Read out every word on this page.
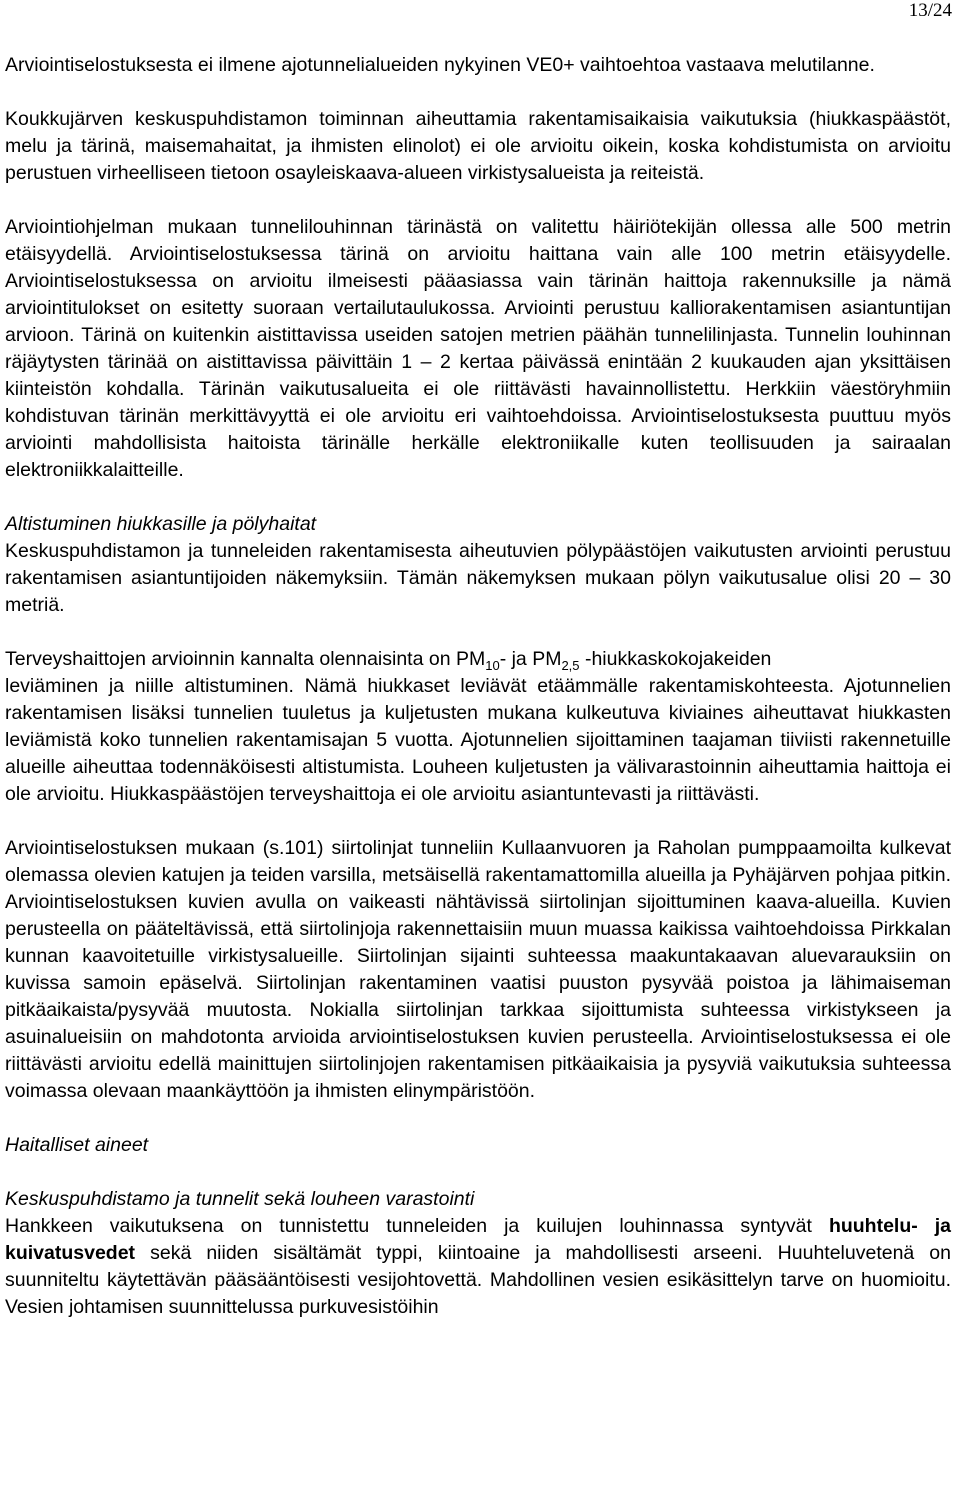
13/24

Arviointiselostuksesta ei ilmene ajotunnelialueiden nykyinen VE0+ vaihtoehtoa vastaava melutilanne.

Koukkujärven keskuspuhdistamon toiminnan aiheuttamia rakentamisaikaisia vaikutuksia (hiukkaspäästöt, melu ja tärinä, maisemahaitat, ja ihmisten elinolot) ei ole arvioitu oikein, koska kohdistumista on arvioitu perustuen virheelliseen tietoon osayleiskaava-alueen virkistysalueista ja reiteistä.

Arviointiohjelman mukaan tunnelilouhinnan tärinästä on valitettu häiriötekijän ollessa alle 500 metrin etäisyydellä. Arviointiselostuksessa tärinä on arvioitu haittana vain alle 100 metrin etäisyydelle. Arviointiselostuksessa on arvioitu ilmeisesti pääasiassa vain tärinän haittoja rakennuksille ja nämä arviointitulokset on esitetty suoraan vertailutaulukossa. Arviointi perustuu kalliorakentamisen asiantuntijan arvioon. Tärinä on kuitenkin aistittavissa useiden satojen metrien päähän tunnelilinjasta. Tunnelin louhinnan räjäytysten tärinää on aistittavissa päivittäin 1 – 2 kertaa päivässä enintään 2 kuukauden ajan yksittäisen kiinteistön kohdalla. Tärinän vaikutusalueita ei ole riittävästi havainnollistettu. Herkkiin väestöryhmiin kohdistuvan tärinän merkittävyyttä ei ole arvioitu eri vaihtoehdoissa. Arviointiselostuksesta puuttuu myös arviointi mahdollisista haitoista tärinälle herkälle elektroniikalle kuten teollisuuden ja sairaalan elektroniikkalaitteille.

Altistuminen hiukkasille ja pölyhaitat

Keskuspuhdistamon ja tunneleiden rakentamisesta aiheutuvien pölypäästöjen vaikutusten arviointi perustuu rakentamisen asiantuntijoiden näkemyksiin. Tämän näkemyksen mukaan pölyn vaikutusalue olisi 20 – 30 metriä.

Terveyshaittojen arvioinnin kannalta olennaisinta on $PM_{10}-$ ja $PM_{2,5}$ -hiukkaskokojakeiden

leviäminen ja niille altistuminen. Nämä hiukkaset leviävät etäämmälle rakentamiskohteesta. Ajotunnelien rakentamisen lisäksi tunnelien tuuletus ja kuljetusten mukana kulkeutuva kiviaines aiheuttavat hiukkasten leviämistä koko tunnelien rakentamisajan 5 vuotta. Ajotunnelien sijoittaminen taajaman tiiviisti rakennetuille alueille aiheuttaa todennäköisesti altistumista. Louheen kuljetusten ja välivarastoinnin aiheuttamia haittoja ei ole arvioitu. Hiukkaspäästöjen terveyshaittoja ei ole arvioitu asiantuntevasti ja riittävästi.

Arviointiselostuksen mukaan (s.101) siirtolinjat tunneliin Kullaanvuoren ja Raholan pumppaamoilta kulkevat olemassa olevien katujen ja teiden varsilla, metsäisellä rakentamattomilla alueilla ja Pyhäjärven pohjaa pitkin. Arviointiselostuksen kuvien avulla on vaikeasti nähtävissä siirtolinjan sijoittuminen kaava-alueilla. Kuvien perusteella on pääteltävissä, että siirtolinjoja rakennettaisiin muun muassa kaikissa vaihtoehdoissa Pirkkalan kunnan kaavoitetuille virkistysalueille. Siirtolinjan sijainti suhteessa maakuntakaavan aluevarauksiin on kuvissa samoin epäselvä. Siirtolinjan rakentaminen vaatisi puuston pysyvää poistoa ja lähimaiseman pitkäaikaista/pysyvää muutosta. Nokialla siirtolinjan tarkkaa sijoittumista suhteessa virkistykseen ja asuinalueisiin on mahdotonta arvioida arviointiselostuksen kuvien perusteella. Arviointiselostuksessa ei ole riittävästi arvioitu edellä mainittujen siirtolinjojen rakentamisen pitkäaikaisia ja pysyviä vaikutuksia suhteessa voimassa olevaan maankäyttöön ja ihmisten elinympäristöön.

Haitalliset aineet
Keskuspuhdistamo ja tunnelit sekä louheen varastointi

Hankkeen vaikutuksena on tunnistettu tunneleiden ja kuilujen louhinnassa syntyvät huuhtelu- ja kuivatusvedet sekä niiden sisältämät typpi, kiintoaine ja mahdollisesti arseeni. Huuhteluvetenä on suunniteltu käytettävän pääsääntöisesti vesijohtovettä. Mahdollinen vesien esikäsittelyn tarve on huomioitu. Vesien johtamisen suunnittelussa purkuvesistöihin
